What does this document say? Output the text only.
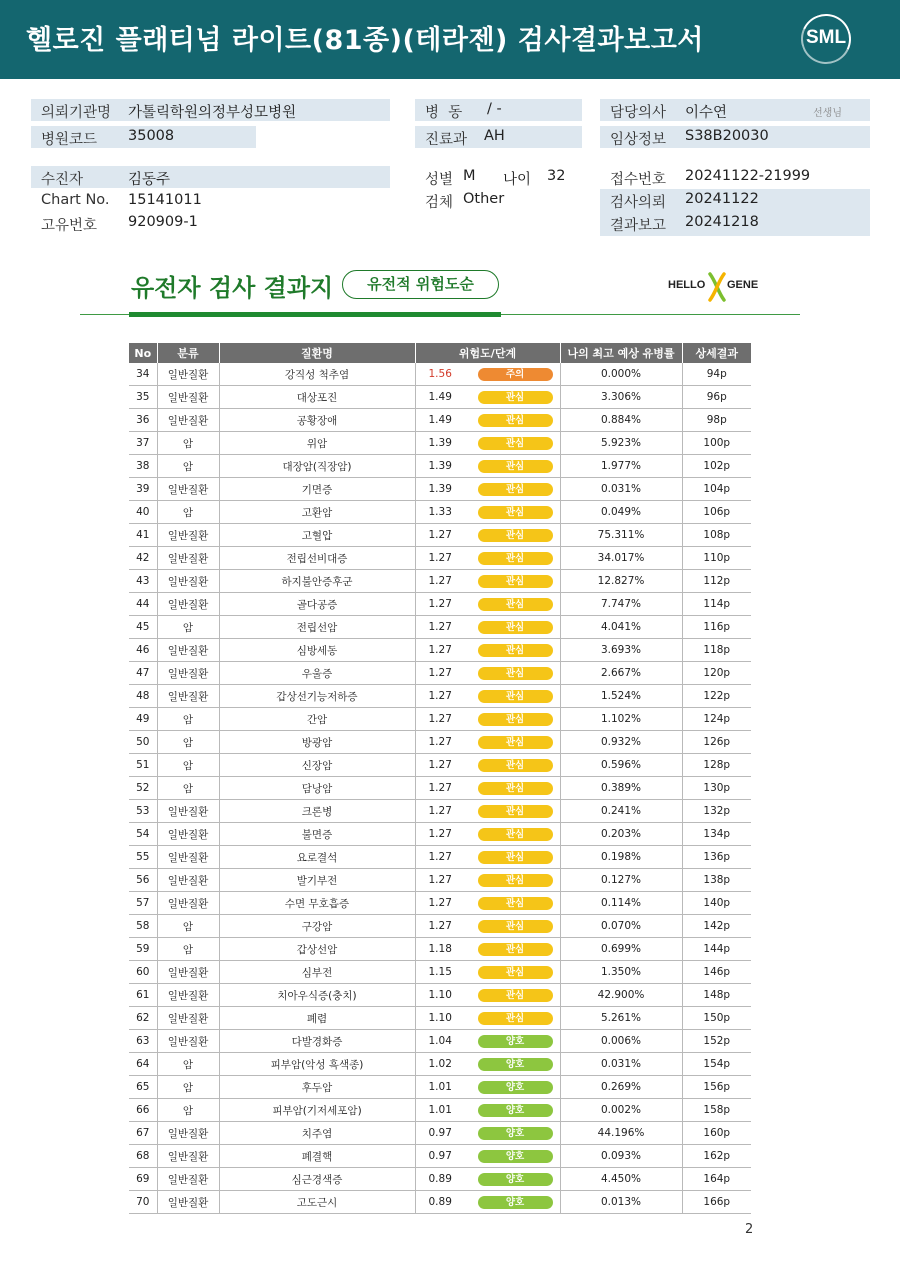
헬로진 플래티넘 라이트(81종)(테라젠) 검사결과보고서	SML
의뢰기관명 가톨릭학원의정부성모병원
병원코드 35008
수진자	김동주
Chart No. 15141011
고유번호 920909-1
병  동 / -
진료과 AH
성별 M 나이 32
검체 Other
담당의사 이수연	선생님
임상정보 S38B20030
접수번호 20241122-21999
검사의뢰 20241122
결과보고 20241218
유전자 검사 결과지	유전적 위험도순	HELLO GENE
No	분류	질환명	위험도/단계	나의 최고 예상 유병률	상세결과
34	일반질환	강직성 척추염	1.56 주의	0.000%	94p
35	일반질환	대상포진	1.49 관심	3.306%	96p
36	일반질환	공황장애	1.49 관심	0.884%	98p
37	암	위암	1.39 관심	5.923%	100p
38	암	대장암(직장암)	1.39 관심	1.977%	102p
39	일반질환	기면증	1.39 관심	0.031%	104p
40	암	고환암	1.33 관심	0.049%	106p
41	일반질환	고혈압	1.27 관심	75.311%	108p
42	일반질환	전립선비대증	1.27 관심	34.017%	110p
43	일반질환	하지불안증후군	1.27 관심	12.827%	112p
44	일반질환	골다공증	1.27 관심	7.747%	114p
45	암	전립선암	1.27 관심	4.041%	116p
46	일반질환	심방세동	1.27 관심	3.693%	118p
47	일반질환	우울증	1.27 관심	2.667%	120p
48	일반질환	갑상선기능저하증	1.27 관심	1.524%	122p
49	암	간암	1.27 관심	1.102%	124p
50	암	방광암	1.27 관심	0.932%	126p
51	암	신장암	1.27 관심	0.596%	128p
52	암	담낭암	1.27 관심	0.389%	130p
53	일반질환	크론병	1.27 관심	0.241%	132p
54	일반질환	불면증	1.27 관심	0.203%	134p
55	일반질환	요로결석	1.27 관심	0.198%	136p
56	일반질환	발기부전	1.27 관심	0.127%	138p
57	일반질환	수면 무호흡증	1.27 관심	0.114%	140p
58	암	구강암	1.27 관심	0.070%	142p
59	암	갑상선암	1.18 관심	0.699%	144p
60	일반질환	심부전	1.15 관심	1.350%	146p
61	일반질환	치아우식증(충치)	1.10 관심	42.900%	148p
62	일반질환	폐렴	1.10 관심	5.261%	150p
63	일반질환	다발경화증	1.04 양호	0.006%	152p
64	암	피부암(악성 흑색종)	1.02 양호	0.031%	154p
65	암	후두암	1.01 양호	0.269%	156p
66	암	피부암(기저세포암)	1.01 양호	0.002%	158p
67	일반질환	치주염	0.97 양호	44.196%	160p
68	일반질환	폐결핵	0.97 양호	0.093%	162p
69	일반질환	심근경색증	0.89 양호	4.450%	164p
70	일반질환	고도근시	0.89 양호	0.013%	166p
2
